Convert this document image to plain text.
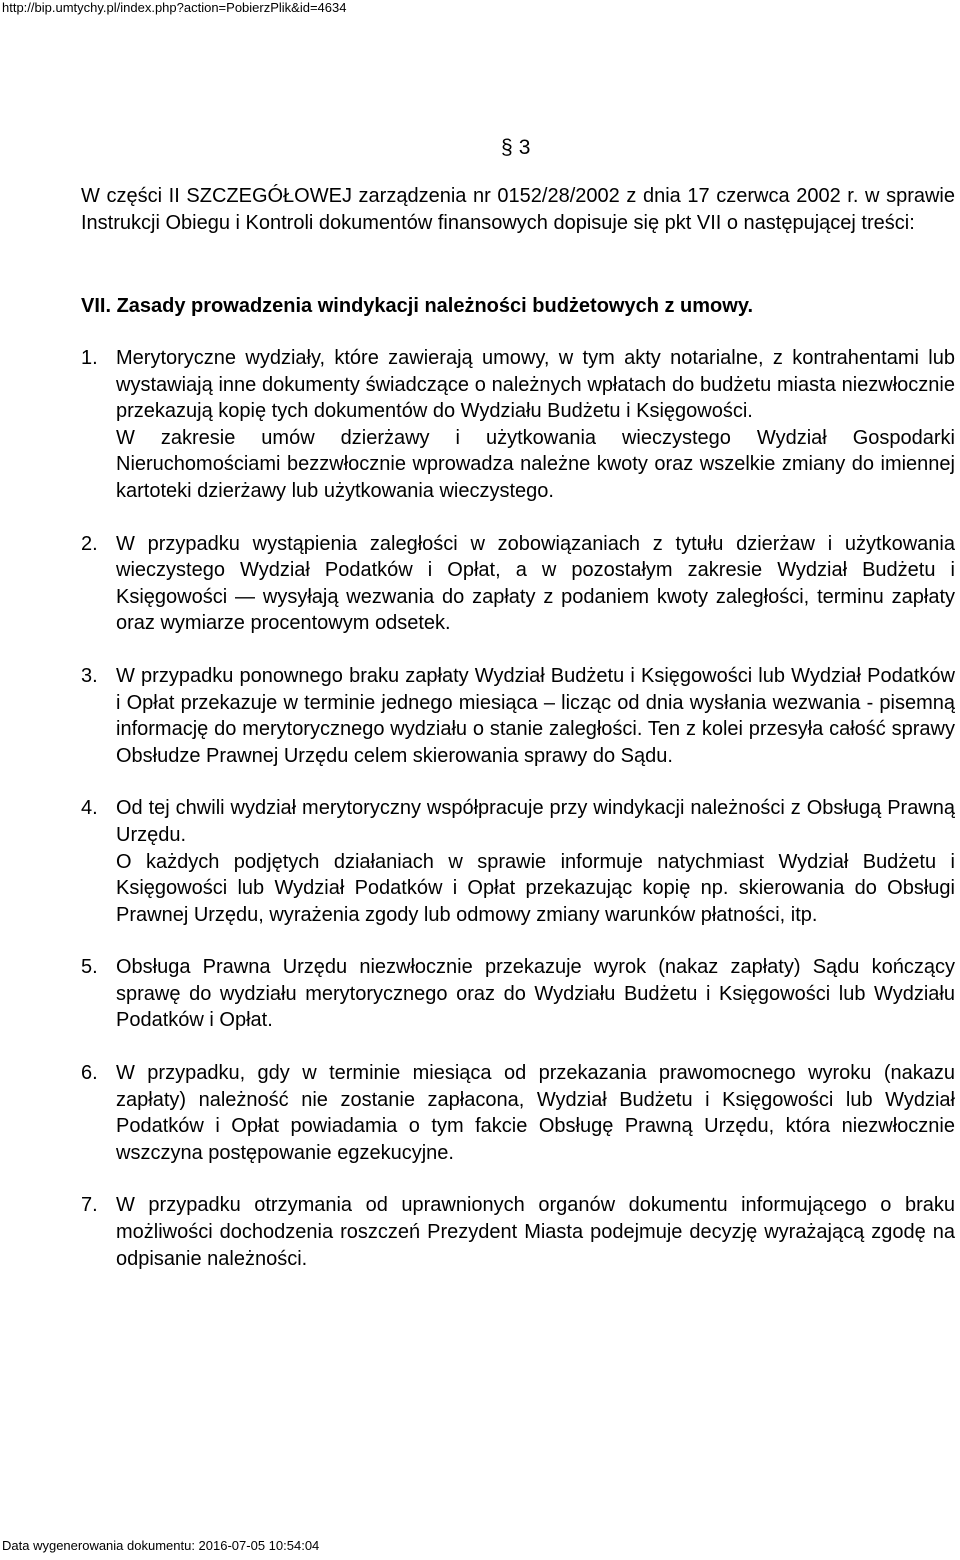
http://bip.umtychy.pl/index.php?action=PobierzPlik&id=4634
§ 3
W części II SZCZEGÓŁOWEJ zarządzenia nr 0152/28/2002 z dnia 17 czerwca 2002 r. w sprawie Instrukcji Obiegu i Kontroli dokumentów finansowych dopisuje się pkt VII o następującej treści:
VII. Zasady prowadzenia windykacji należności budżetowych z umowy.
1. Merytoryczne wydziały, które zawierają umowy, w tym akty notarialne, z kontrahentami lub wystawiają inne dokumenty świadczące o należnych wpłatach do budżetu miasta niezwłocznie przekazują kopię tych dokumentów do Wydziału Budżetu i Księgowości.

W zakresie umów dzierżawy i użytkowania wieczystego Wydział Gospodarki Nieruchomościami bezzwłocznie wprowadza należne kwoty oraz wszelkie zmiany do imiennej kartoteki dzierżawy lub użytkowania wieczystego.

2. W przypadku wystąpienia zaległości w zobowiązaniach z tytułu dzierżaw i użytkowania wieczystego Wydział Podatków i Opłat, a w pozostałym zakresie Wydział Budżetu i Księgowości — wysyłają wezwania do zapłaty z podaniem kwoty zaległości, terminu zapłaty oraz wymiarze procentowym odsetek.

3. W przypadku ponownego braku zapłaty Wydział Budżetu i Księgowości lub Wydział Podatków i Opłat przekazuje w terminie jednego miesiąca – licząc od dnia wysłania wezwania - pisemną informację do merytorycznego wydziału o stanie zaległości. Ten z kolei przesyła całość sprawy Obsłudze Prawnej Urzędu celem skierowania sprawy do Sądu.

4. Od tej chwili wydział merytoryczny współpracuje przy windykacji należności z Obsługą Prawną Urzędu.

O każdych podjętych działaniach w sprawie informuje natychmiast Wydział Budżetu i Księgowości lub Wydział Podatków i Opłat przekazując kopię np. skierowania do Obsługi Prawnej Urzędu, wyrażenia zgody lub odmowy zmiany warunków płatności, itp.

5. Obsługa Prawna Urzędu niezwłocznie przekazuje wyrok (nakaz zapłaty) Sądu kończący sprawę do wydziału merytorycznego oraz do Wydziału Budżetu i Księgowości lub Wydziału Podatków i Opłat.

6. W przypadku, gdy w terminie miesiąca od przekazania prawomocnego wyroku (nakazu zapłaty) należność nie zostanie zapłacona, Wydział Budżetu i Księgowości lub Wydział Podatków i Opłat powiadamia o tym fakcie Obsługę Prawną Urzędu, która niezwłocznie wszczyna postępowanie egzekucyjne.

7. W przypadku otrzymania od uprawnionych organów dokumentu informującego o braku możliwości dochodzenia roszczeń Prezydent Miasta podejmuje decyzję wyrażającą zgodę na odpisanie należności.

Data wygenerowania dokumentu: 2016-07-05 10:54:04
